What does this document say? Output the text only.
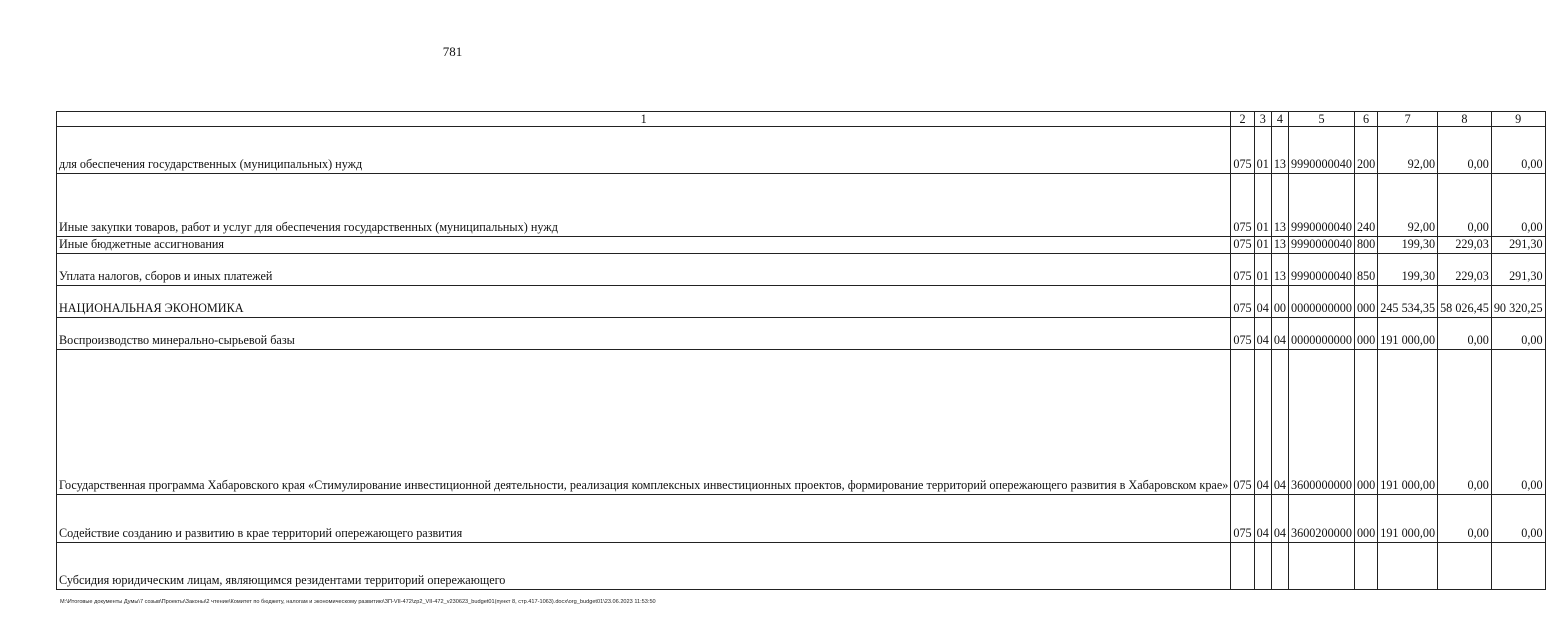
781
1	2	3	4	5	6	7	8	9
для обеспечения государственных (муниципальных) нужд	075	01	13	9990000040	200	92,00	0,00	0,00
Иные закупки товаров, работ и услуг для обеспечения государственных (муниципальных) нужд	075	01	13	9990000040	240	92,00	0,00	0,00
Иные бюджетные ассигнования	075	01	13	9990000040	800	199,30	229,03	291,30
Уплата налогов, сборов и иных платежей	075	01	13	9990000040	850	199,30	229,03	291,30
НАЦИОНАЛЬНАЯ ЭКОНОМИКА	075	04	00	0000000000	000	245 534,35	58 026,45	90 320,25
Воспроизводство минерально-сырьевой базы	075	04	04	0000000000	000	191 000,00	0,00	0,00
Государственная программа Хабаровского края «Стимулирование инвестиционной деятельности, реализация комплексных инвестиционных проектов, формирование территорий опережающего развития в Хабаровском крае»	075	04	04	3600000000	000	191 000,00	0,00	0,00
Содействие созданию и развитию в крае территорий опережающего развития	075	04	04	3600200000	000	191 000,00	0,00	0,00
Субсидия юридическим лицам, являющимся резидентами территорий опережающего								
M:\Итоговые документы Думы\7 созыв\Проекты\Законы\2 чтение\Комитет по бюджету, налогам и экономическому развитию\ЗП-VII-472\zp2_VII-472_v230623_budget01(пункт 8, стр.417-1063).docx\org_budget01\23.06.2023 11:53:50
